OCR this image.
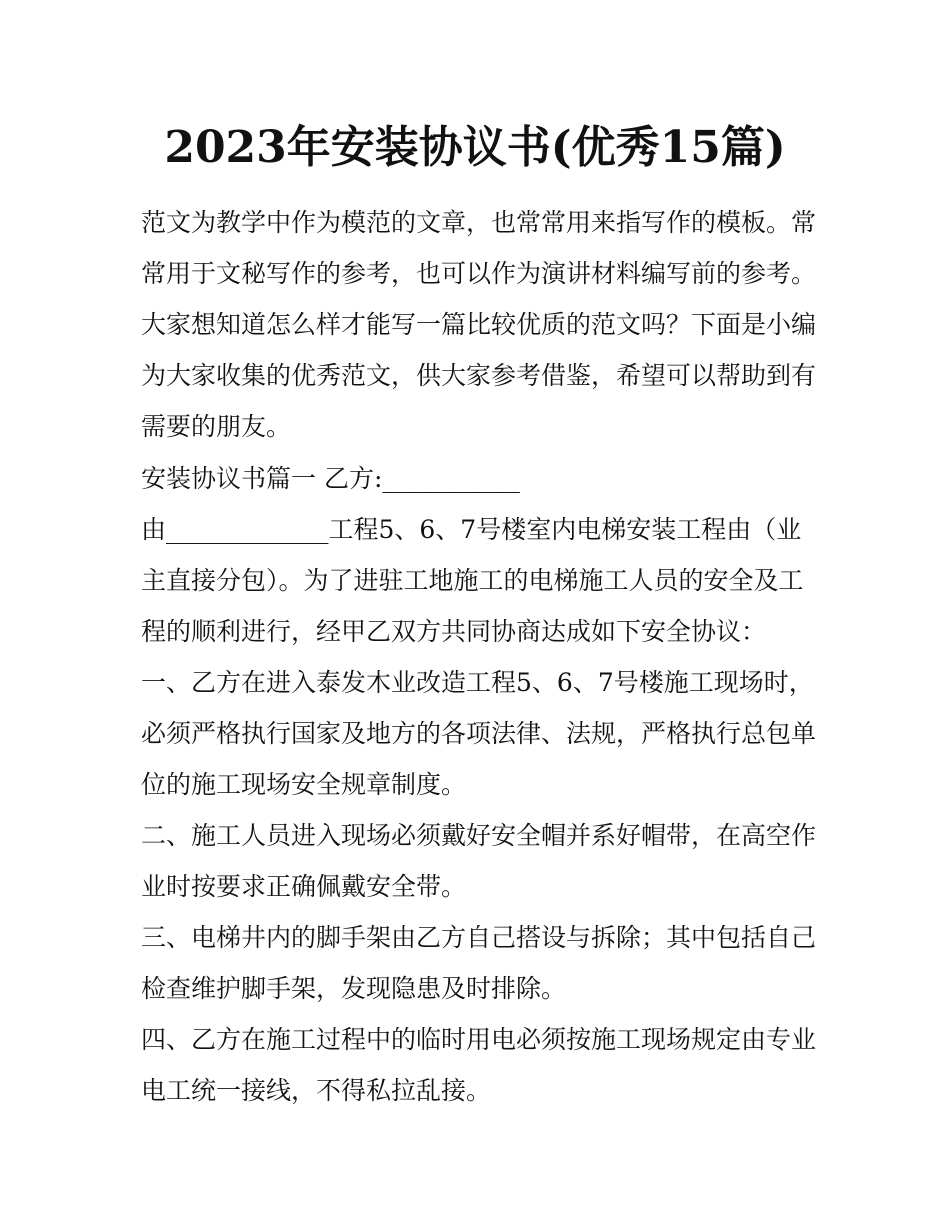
2023年安装协议书(优秀15篇)
范文为教学中作为模范的文章，也常常用来指写作的模板。常
常用于文秘写作的参考，也可以作为演讲材料编写前的参考。
大家想知道怎么样才能写一篇比较优质的范文吗？下面是小编
为大家收集的优秀范文，供大家参考借鉴，希望可以帮助到有
需要的朋友。
安装协议书篇一 乙方:___________
由_____________工程5、6、7号楼室内电梯安装工程由（业
主直接分包）。为了进驻工地施工的电梯施工人员的安全及工
程的顺利进行，经甲乙双方共同协商达成如下安全协议：
一、乙方在进入泰发木业改造工程5、6、7号楼施工现场时，
必须严格执行国家及地方的各项法律、法规，严格执行总包单
位的施工现场安全规章制度。
二、施工人员进入现场必须戴好安全帽并系好帽带，在高空作
业时按要求正确佩戴安全带。
三、电梯井内的脚手架由乙方自己搭设与拆除；其中包括自己
检查维护脚手架，发现隐患及时排除。
四、乙方在施工过程中的临时用电必须按施工现场规定由专业
电工统一接线，不得私拉乱接。
